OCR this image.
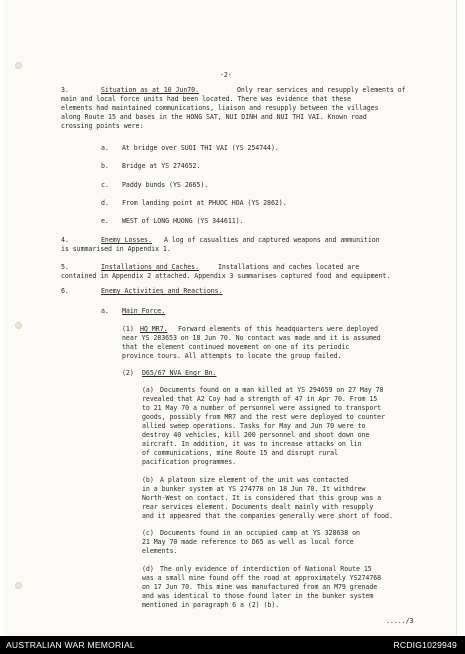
-2-
3.	Situation as at 10 Jun70.	Only rear services and resupply elements of
main and local force units had been located. There was evidence that these
elements had maintained communications, liaison and resupply between the villages
along Route 15 and bases in the HONG SAT, NUI DINH and NUI THI VAI. Known road
crossing points were:
a. At bridge over SUOI THI VAI (YS 254744).
b. Bridge at YS 274652.
c. Paddy bunds (YS 2665).
d. From landing point at PHUOC HOA (YS 2862).
e. WEST of LONG HUONG (YS 344611).
4.	Enemy Losses. A log of casualties and captured weapons and ammunition
is summarised in Appendix 1.
5.	Installations and Caches.	Installations and caches located are
contained in Appendix 2 attached. Appendix 3 summarises captured food and equipment.
6.	Enemy Activities and Reactions.
a. Main Force.
(1) HQ MR7. Forward elements of this headquarters were deployed
near YS 283653 on 18 Jun 70. No contact was made and it is assumed
that the element continued movement on one of its periodic
province tours. All attempts to locate the group failed.
(2) D65/67 NVA Engr Bn.
(a) Documents found on a man killed at YS 294659 on 27 May 70
revealed that A2 Coy had a strength of 47 in Apr 70. From 15
to 21 May 70 a number of personnel were assigned to transport
goods, possibly from MR7 and the rest were deployed to counter
allied sweep operations. Tasks for May and Jun 70 were to
destroy 40 vehicles, kill 200 personnel and shoot down one
aircraft. In addition, it was to increase attacks on lin
of communications, mine Route 15 and disrupt rural
pacification programmes.
(b) A platoon size element of the unit was contacted
in a bunker system at YS 274770 on 18 Jun 70. It withdrew
North-West on contact. It is considered that this group was a
rear services element. Documents dealt mainly with resupply
and it appeared that the companies generally were short of food.
(c) Documents found in an occupied camp at YS 328638 on
21 May 70 made reference to D65 as well as local force
elements.
(d) The only evidence of interdiction of National Route 15
was a small mine found off the road at approximately YS274768
on 17 Jun 70. This mine was manufactured from an M79 grenade
and was identical to those found later in the bunker system
mentioned in paragraph 6 a (2) (b).
...../3
AUSTRALIAN WAR MEMORIAL	RCDIG1029949
